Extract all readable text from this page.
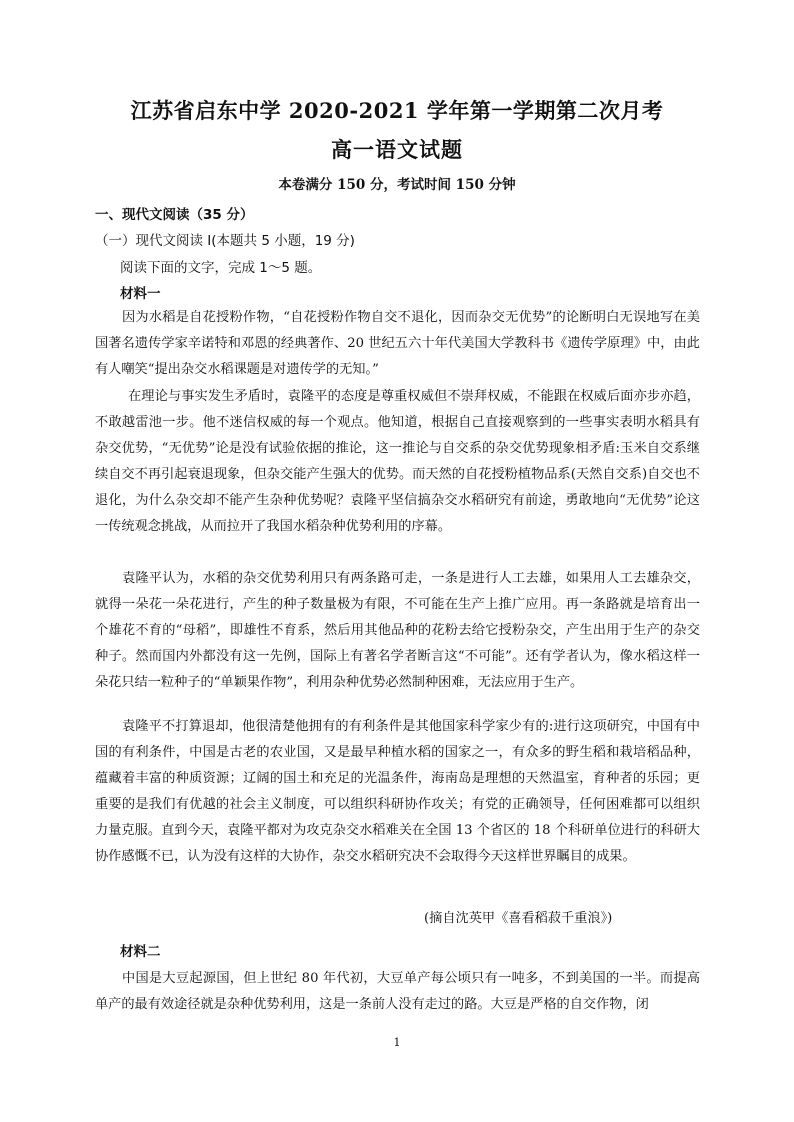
江苏省启东中学 2020-2021 学年第一学期第二次月考
高一语文试题
本卷满分 150 分，考试时间 150 分钟
一、现代文阅读（35 分）
（一）现代文阅读 I(本题共 5 小题，19 分)
阅读下面的文字，完成 1～5 题。
材料一
因为水稻是自花授粉作物，“自花授粉作物自交不退化，因而杂交无优势”的论断明白无误地写在美国著名遗传学家辛诺特和邓恩的经典著作、20 世纪五六十年代美国大学教科书《遗传学原理》中，由此有人嘲笑“提出杂交水稻课题是对遗传学的无知。”
在理论与事实发生矛盾时，袁隆平的态度是尊重权威但不崇拜权威，不能跟在权威后面亦步亦趋，不敢越雷池一步。他不迷信权威的每一个观点。他知道，根据自己直接观察到的一些事实表明水稻具有杂交优势，“无优势”论是没有试验依据的推论，这一推论与自交系的杂交优势现象相矛盾:玉米自交系继续自交不再引起衰退现象，但杂交能产生强大的优势。而天然的自花授粉植物品系(天然自交系)自交也不退化，为什么杂交却不能产生杂种优势呢？袁隆平坚信搞杂交水稻研究有前途，勇敢地向“无优势”论这一传统观念挑战，从而拉开了我国水稻杂种优势利用的序幕。
袁隆平认为，水稻的杂交优势利用只有两条路可走，一条是进行人工去雄，如果用人工去雄杂交，就得一朵花一朵花进行，产生的种子数量极为有限，不可能在生产上推广应用。再一条路就是培育出一个雄花不育的“母稻”，即雄性不育系，然后用其他品种的花粉去给它授粉杂交，产生出用于生产的杂交种子。然而国内外都没有这一先例，国际上有著名学者断言这“不可能”。还有学者认为，像水稻这样一朵花只结一粒种子的“单颖果作物”，利用杂种优势必然制种困难，无法应用于生产。
袁隆平不打算退却，他很清楚他拥有的有利条件是其他国家科学家少有的:进行这项研究，中国有中国的有利条件，中国是古老的农业国，又是最早种植水稻的国家之一，有众多的野生稻和栽培稻品种，蕴藏着丰富的种质资源；辽阔的国土和充足的光温条件，海南岛是理想的天然温室，育种者的乐园；更重要的是我们有优越的社会主义制度，可以组织科研协作攻关；有党的正确领导，任何困难都可以组织力量克服。直到今天，袁隆平都对为攻克杂交水稻难关在全国 13 个省区的 18 个科研单位进行的科研大协作感慨不已，认为没有这样的大协作，杂交水稻研究决不会取得今天这样世界瞩目的成果。
(摘自沈英甲《喜看稻菽千重浪》)
材料二
中国是大豆起源国，但上世纪 80 年代初，大豆单产每公顷只有一吨多，不到美国的一半。而提高单产的最有效途径就是杂种优势利用，这是一条前人没有走过的路。大豆是严格的自交作物，闭
1
